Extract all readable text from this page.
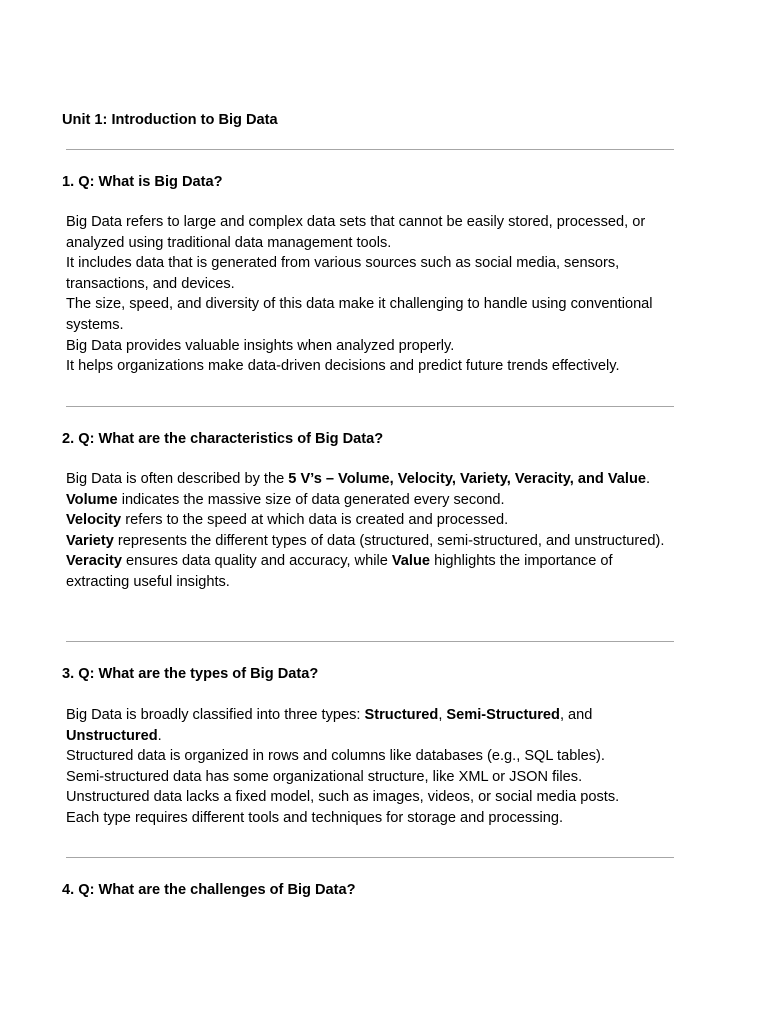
Unit 1: Introduction to Big Data
1. Q: What is Big Data?
Big Data refers to large and complex data sets that cannot be easily stored, processed, or analyzed using traditional data management tools.
It includes data that is generated from various sources such as social media, sensors, transactions, and devices.
The size, speed, and diversity of this data make it challenging to handle using conventional systems.
Big Data provides valuable insights when analyzed properly.
It helps organizations make data-driven decisions and predict future trends effectively.
2. Q: What are the characteristics of Big Data?
Big Data is often described by the 5 V’s – Volume, Velocity, Variety, Veracity, and Value.
Volume indicates the massive size of data generated every second.
Velocity refers to the speed at which data is created and processed.
Variety represents the different types of data (structured, semi-structured, and unstructured).
Veracity ensures data quality and accuracy, while Value highlights the importance of extracting useful insights.
3. Q: What are the types of Big Data?
Big Data is broadly classified into three types: Structured, Semi-Structured, and Unstructured.
Structured data is organized in rows and columns like databases (e.g., SQL tables).
Semi-structured data has some organizational structure, like XML or JSON files.
Unstructured data lacks a fixed model, such as images, videos, or social media posts.
Each type requires different tools and techniques for storage and processing.
4. Q: What are the challenges of Big Data?
